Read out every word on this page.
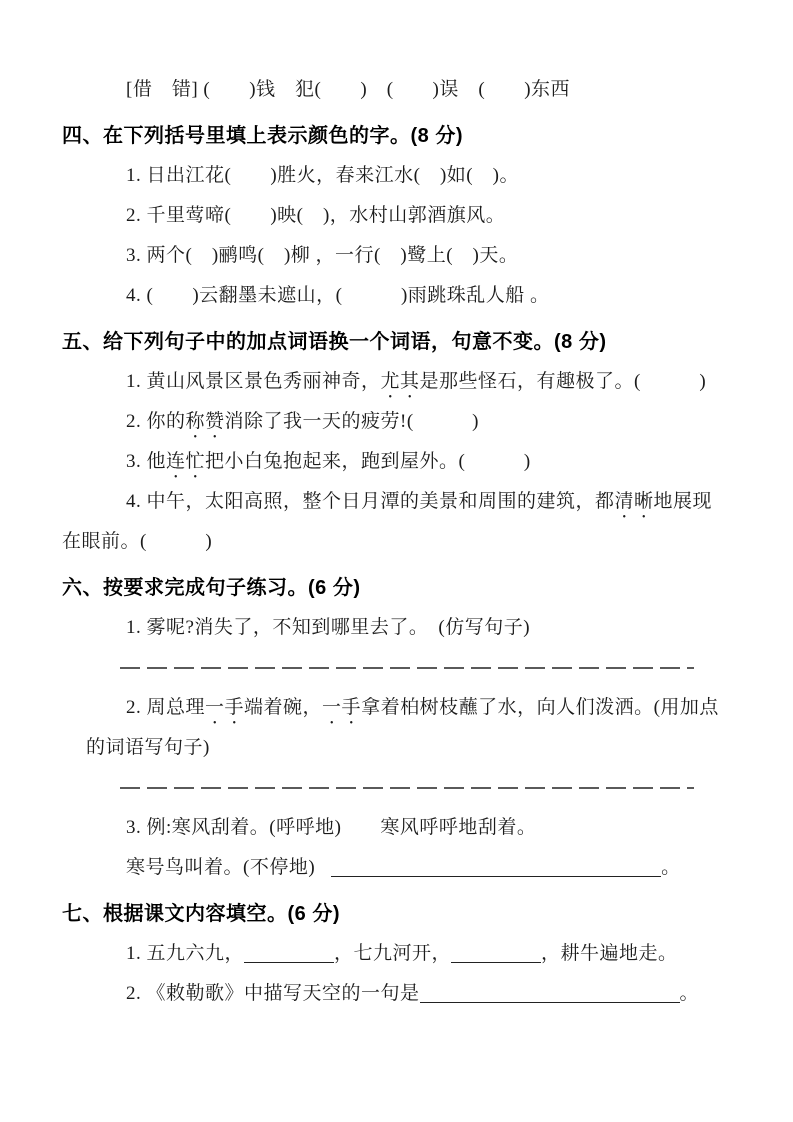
[借　错] (　　)钱　犯(　　)　(　　)误　(　　)东西
四、在下列括号里填上表示颜色的字。(8 分)
1. 日出江花(　　)胜火，春来江水(　)如(　)。
2. 千里莺啼(　　)映(　)，水村山郭酒旗风。
3. 两个(　)鹂鸣(　)柳 ，一行(　)鹭上(　)天。
4. (　　)云翻墨未遮山，(　　　)雨跳珠乱人船 。
五、给下列句子中的加点词语换一个词语，句意不变。(8 分)
1. 黄山风景区景色秀丽神奇，尤其是那些怪石，有趣极了。(　　　)
2. 你的称赞消除了我一天的疲劳!(　　　)
3. 他连忙把小白兔抱起来，跑到屋外。(　　　)
4. 中午，太阳高照，整个日月潭的美景和周围的建筑，都清晰地展现
在眼前。(　　　)
六、按要求完成句子练习。(6 分)
1. 雾呢?消失了，不知到哪里去了。　(仿写句子)
2. 周总理一手端着碗，一手拿着柏树枝蘸了水，向人们泼洒。(用加点
的词语写句子)
3. 例:寒风刮着。(呼呼地)　　寒风呼呼地刮着。
寒号鸟叫着。(不停地)	。
七、根据课文内容填空。(6 分)
1. 五九六九，	，七九河开，	，耕牛遍地走。
2. 《敕勒歌》中描写天空的一句是	。
